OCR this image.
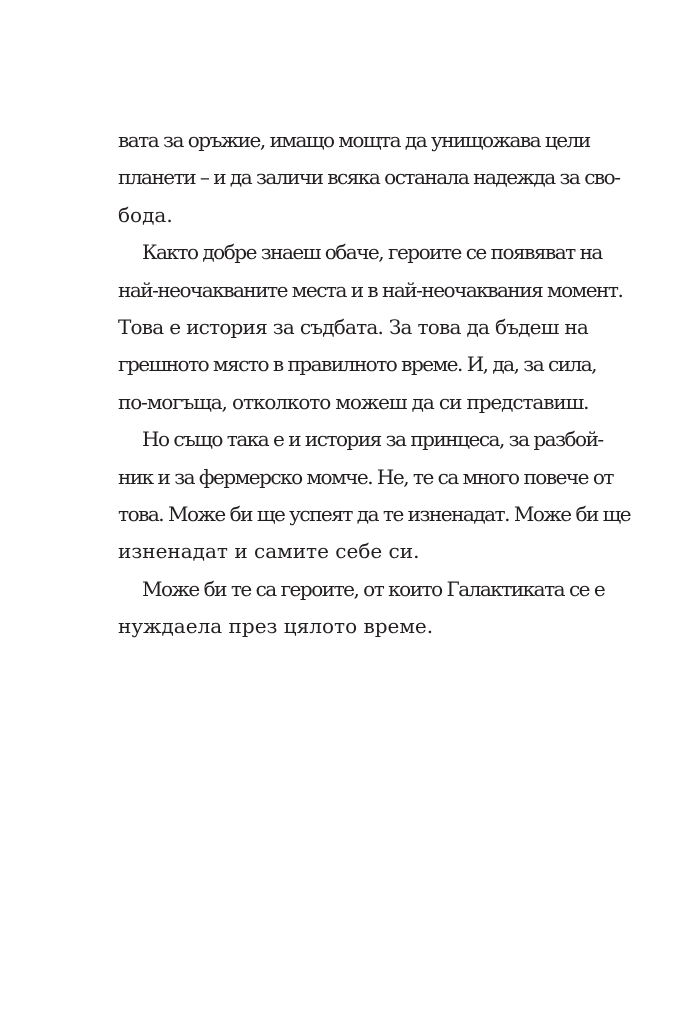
вата за оръжие, имащо мощта да унищожава цели
планети – и да заличи всяка останала надежда за сво-
бода.

Както добре знаеш обаче, героите се появяват на
най-неочакваните места и в най-неочаквания момент.
Това е история за съдбата. За това да бъдеш на
грешното място в правилното време. И, да, за сила,
по-могъща, отколкото можеш да си представиш.

Но също така е и история за принцеса, за разбой-
ник и за фермерско момче. Не, те са много повече от
това. Може би ще успеят да те изненадат. Може би ще
изненадат и самите себе си.

Може би те са героите, от които Галактиката се е
нуждаела през цялото време.
